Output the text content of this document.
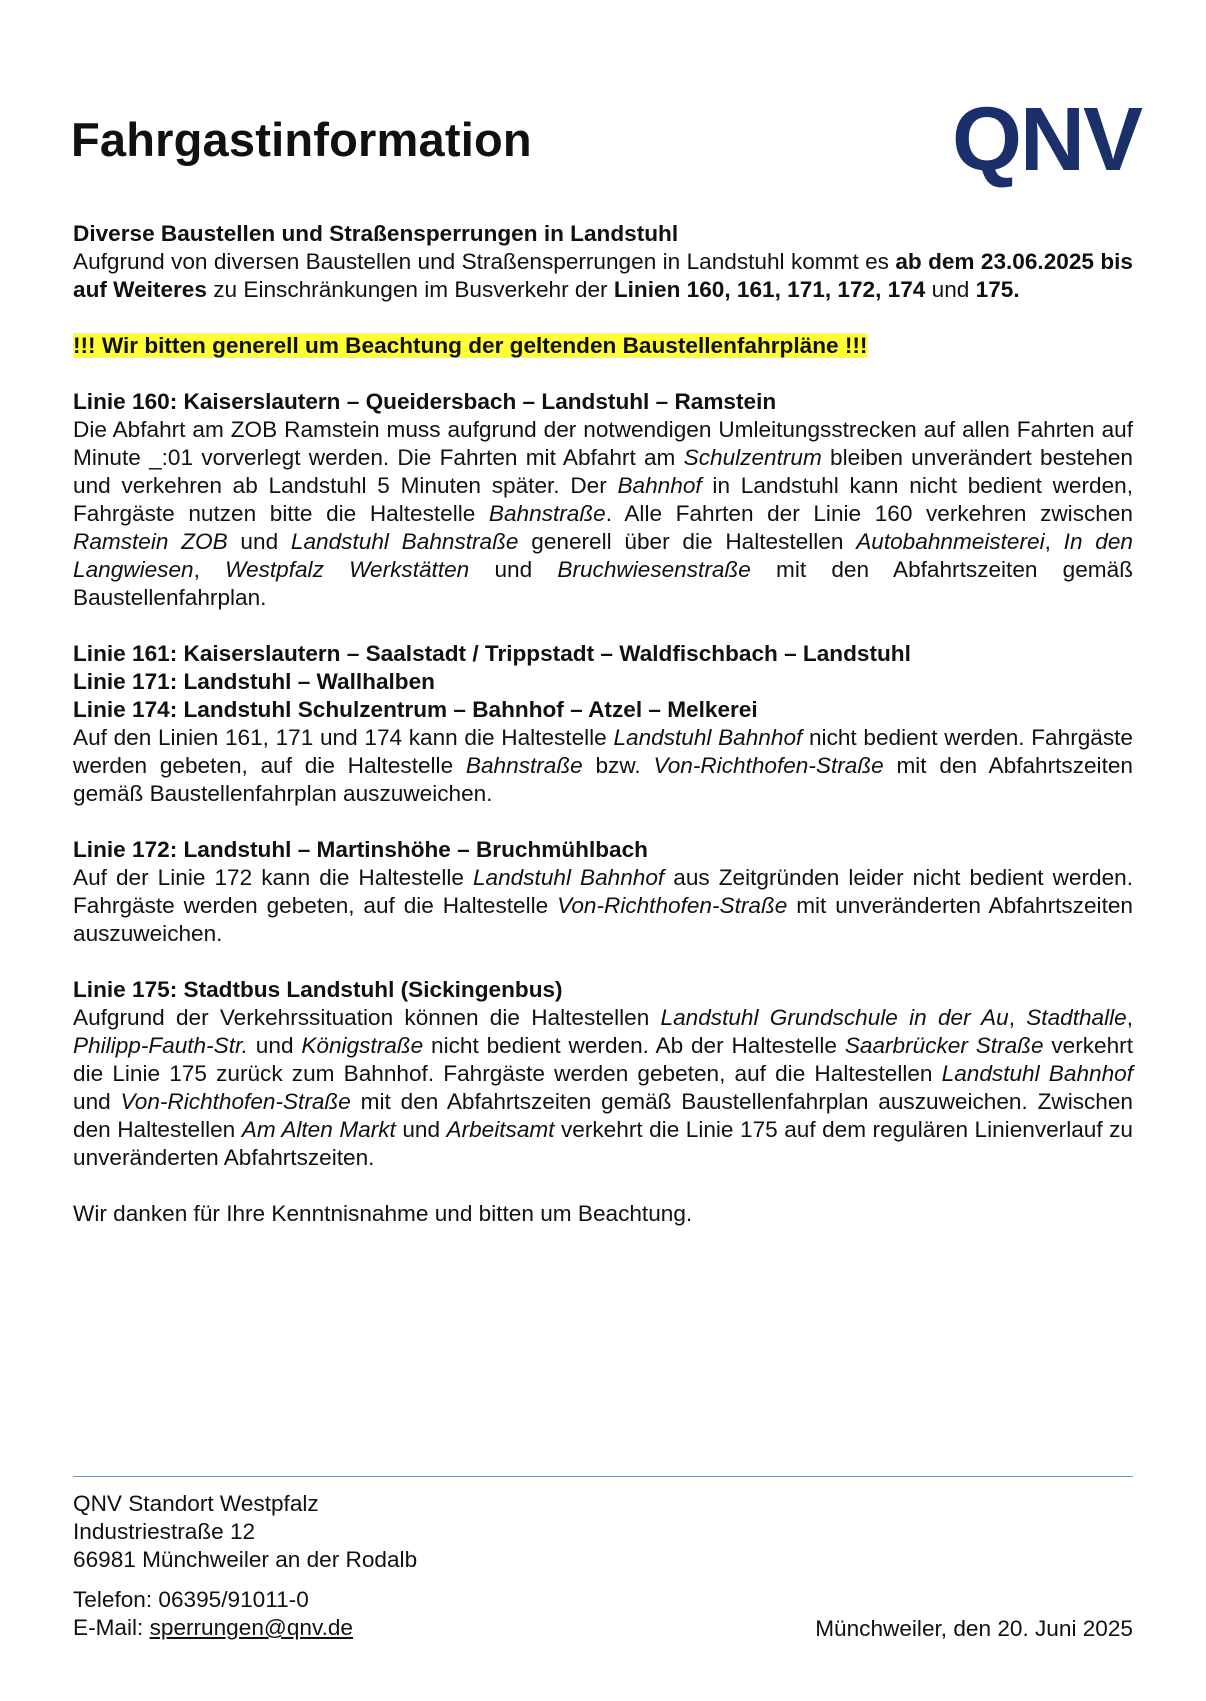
Fahrgastinformation	QNV

Diverse Baustellen und Straßensperrungen in Landstuhl
Aufgrund von diversen Baustellen und Straßensperrungen in Landstuhl kommt es ab dem 23.06.2025 bis auf Weiteres zu Einschränkungen im Busverkehr der Linien 160, 161, 171, 172, 174 und 175.

!!! Wir bitten generell um Beachtung der geltenden Baustellenfahrpläne !!!

Linie 160: Kaiserslautern – Queidersbach – Landstuhl – Ramstein
Die Abfahrt am ZOB Ramstein muss aufgrund der notwendigen Umleitungsstrecken auf allen Fahrten auf Minute _:01 vorverlegt werden. Die Fahrten mit Abfahrt am Schulzentrum bleiben unverändert bestehen und verkehren ab Landstuhl 5 Minuten später. Der Bahnhof in Landstuhl kann nicht bedient werden, Fahrgäste nutzen bitte die Haltestelle Bahnstraße. Alle Fahrten der Linie 160 verkehren zwischen Ramstein ZOB und Landstuhl Bahnstraße generell über die Haltestellen Autobahnmeisterei, In den Langwiesen, Westpfalz Werkstätten und Bruchwiesenstraße mit den Abfahrtszeiten gemäß Baustellenfahrplan.

Linie 161: Kaiserslautern – Saalstadt / Trippstadt – Waldfischbach – Landstuhl
Linie 171: Landstuhl – Wallhalben
Linie 174: Landstuhl Schulzentrum – Bahnhof – Atzel – Melkerei
Auf den Linien 161, 171 und 174 kann die Haltestelle Landstuhl Bahnhof nicht bedient werden. Fahrgäste werden gebeten, auf die Haltestelle Bahnstraße bzw. Von-Richthofen-Straße mit den Abfahrtszeiten gemäß Baustellenfahrplan auszuweichen.

Linie 172: Landstuhl – Martinshöhe – Bruchmühlbach
Auf der Linie 172 kann die Haltestelle Landstuhl Bahnhof aus Zeitgründen leider nicht bedient werden. Fahrgäste werden gebeten, auf die Haltestelle Von-Richthofen-Straße mit unveränderten Abfahrtszeiten auszuweichen.

Linie 175: Stadtbus Landstuhl (Sickingenbus)
Aufgrund der Verkehrssituation können die Haltestellen Landstuhl Grundschule in der Au, Stadthalle, Philipp-Fauth-Str. und Königstraße nicht bedient werden. Ab der Haltestelle Saarbrücker Straße verkehrt die Linie 175 zurück zum Bahnhof. Fahrgäste werden gebeten, auf die Haltestellen Landstuhl Bahnhof und Von-Richthofen-Straße mit den Abfahrtszeiten gemäß Baustellenfahrplan auszuweichen. Zwischen den Haltestellen Am Alten Markt und Arbeitsamt verkehrt die Linie 175 auf dem regulären Linienverlauf zu unveränderten Abfahrtszeiten.

Wir danken für Ihre Kenntnisnahme und bitten um Beachtung.

QNV Standort Westpfalz
Industriestraße 12
66981 Münchweiler an der Rodalb
Telefon: 06395/91011-0
E-Mail: sperrungen@qnv.de	Münchweiler, den 20. Juni 2025
